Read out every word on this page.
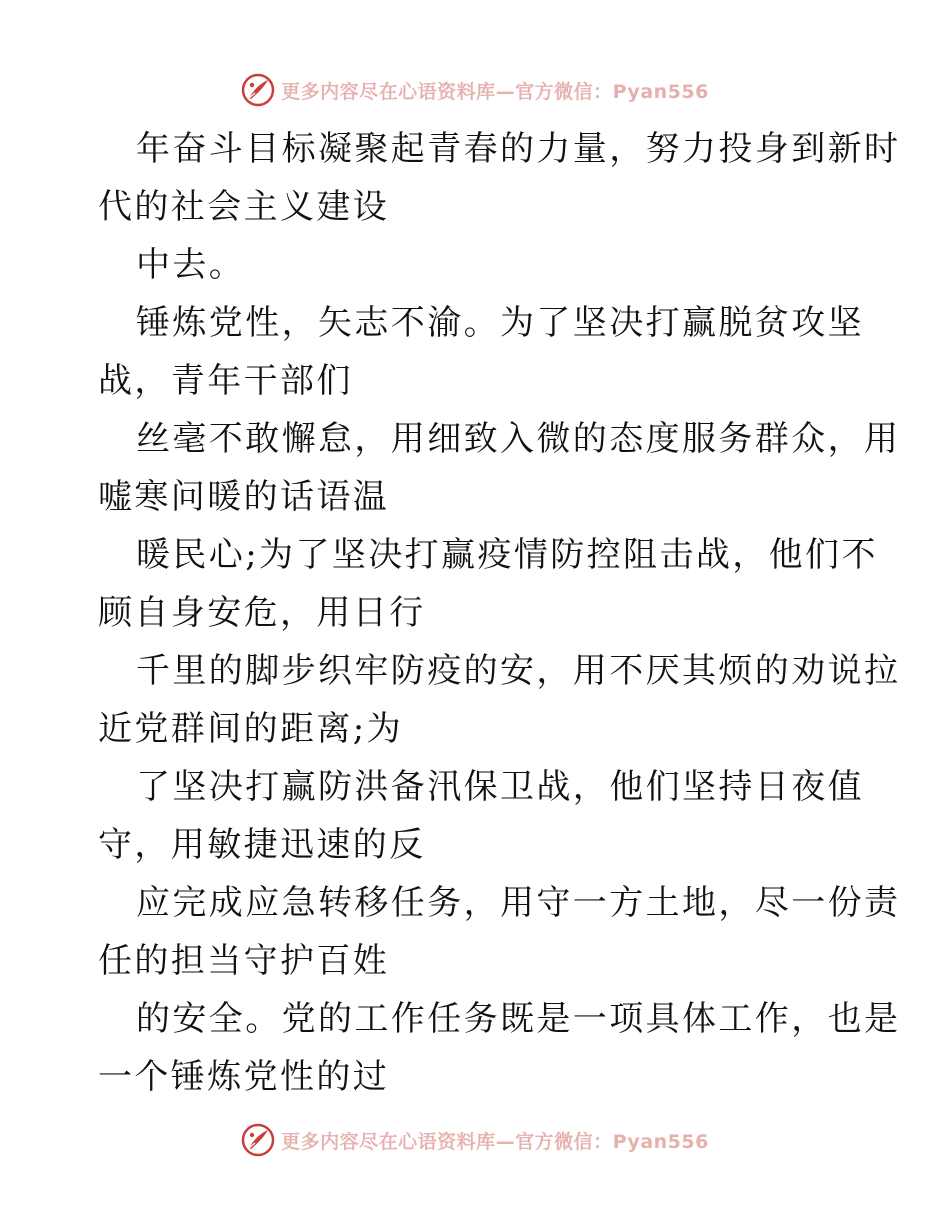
更多内容尽在心语资料库—官方微信：Pyan556
年奋斗目标凝聚起青春的力量，努力投身到新时
代的社会主义建设
中去。
锤炼党性，矢志不渝。为了坚决打赢脱贫攻坚
战，青年干部们
丝毫不敢懈怠，用细致入微的态度服务群众，用
嘘寒问暖的话语温
暖民心;为了坚决打赢疫情防控阻击战，他们不
顾自身安危，用日行
千里的脚步织牢防疫的安，用不厌其烦的劝说拉
近党群间的距离;为
了坚决打赢防洪备汛保卫战，他们坚持日夜值
守，用敏捷迅速的反
应完成应急转移任务，用守一方土地，尽一份责
任的担当守护百姓
的安全。党的工作任务既是一项具体工作，也是
一个锤炼党性的过
更多内容尽在心语资料库—官方微信：Pyan556
